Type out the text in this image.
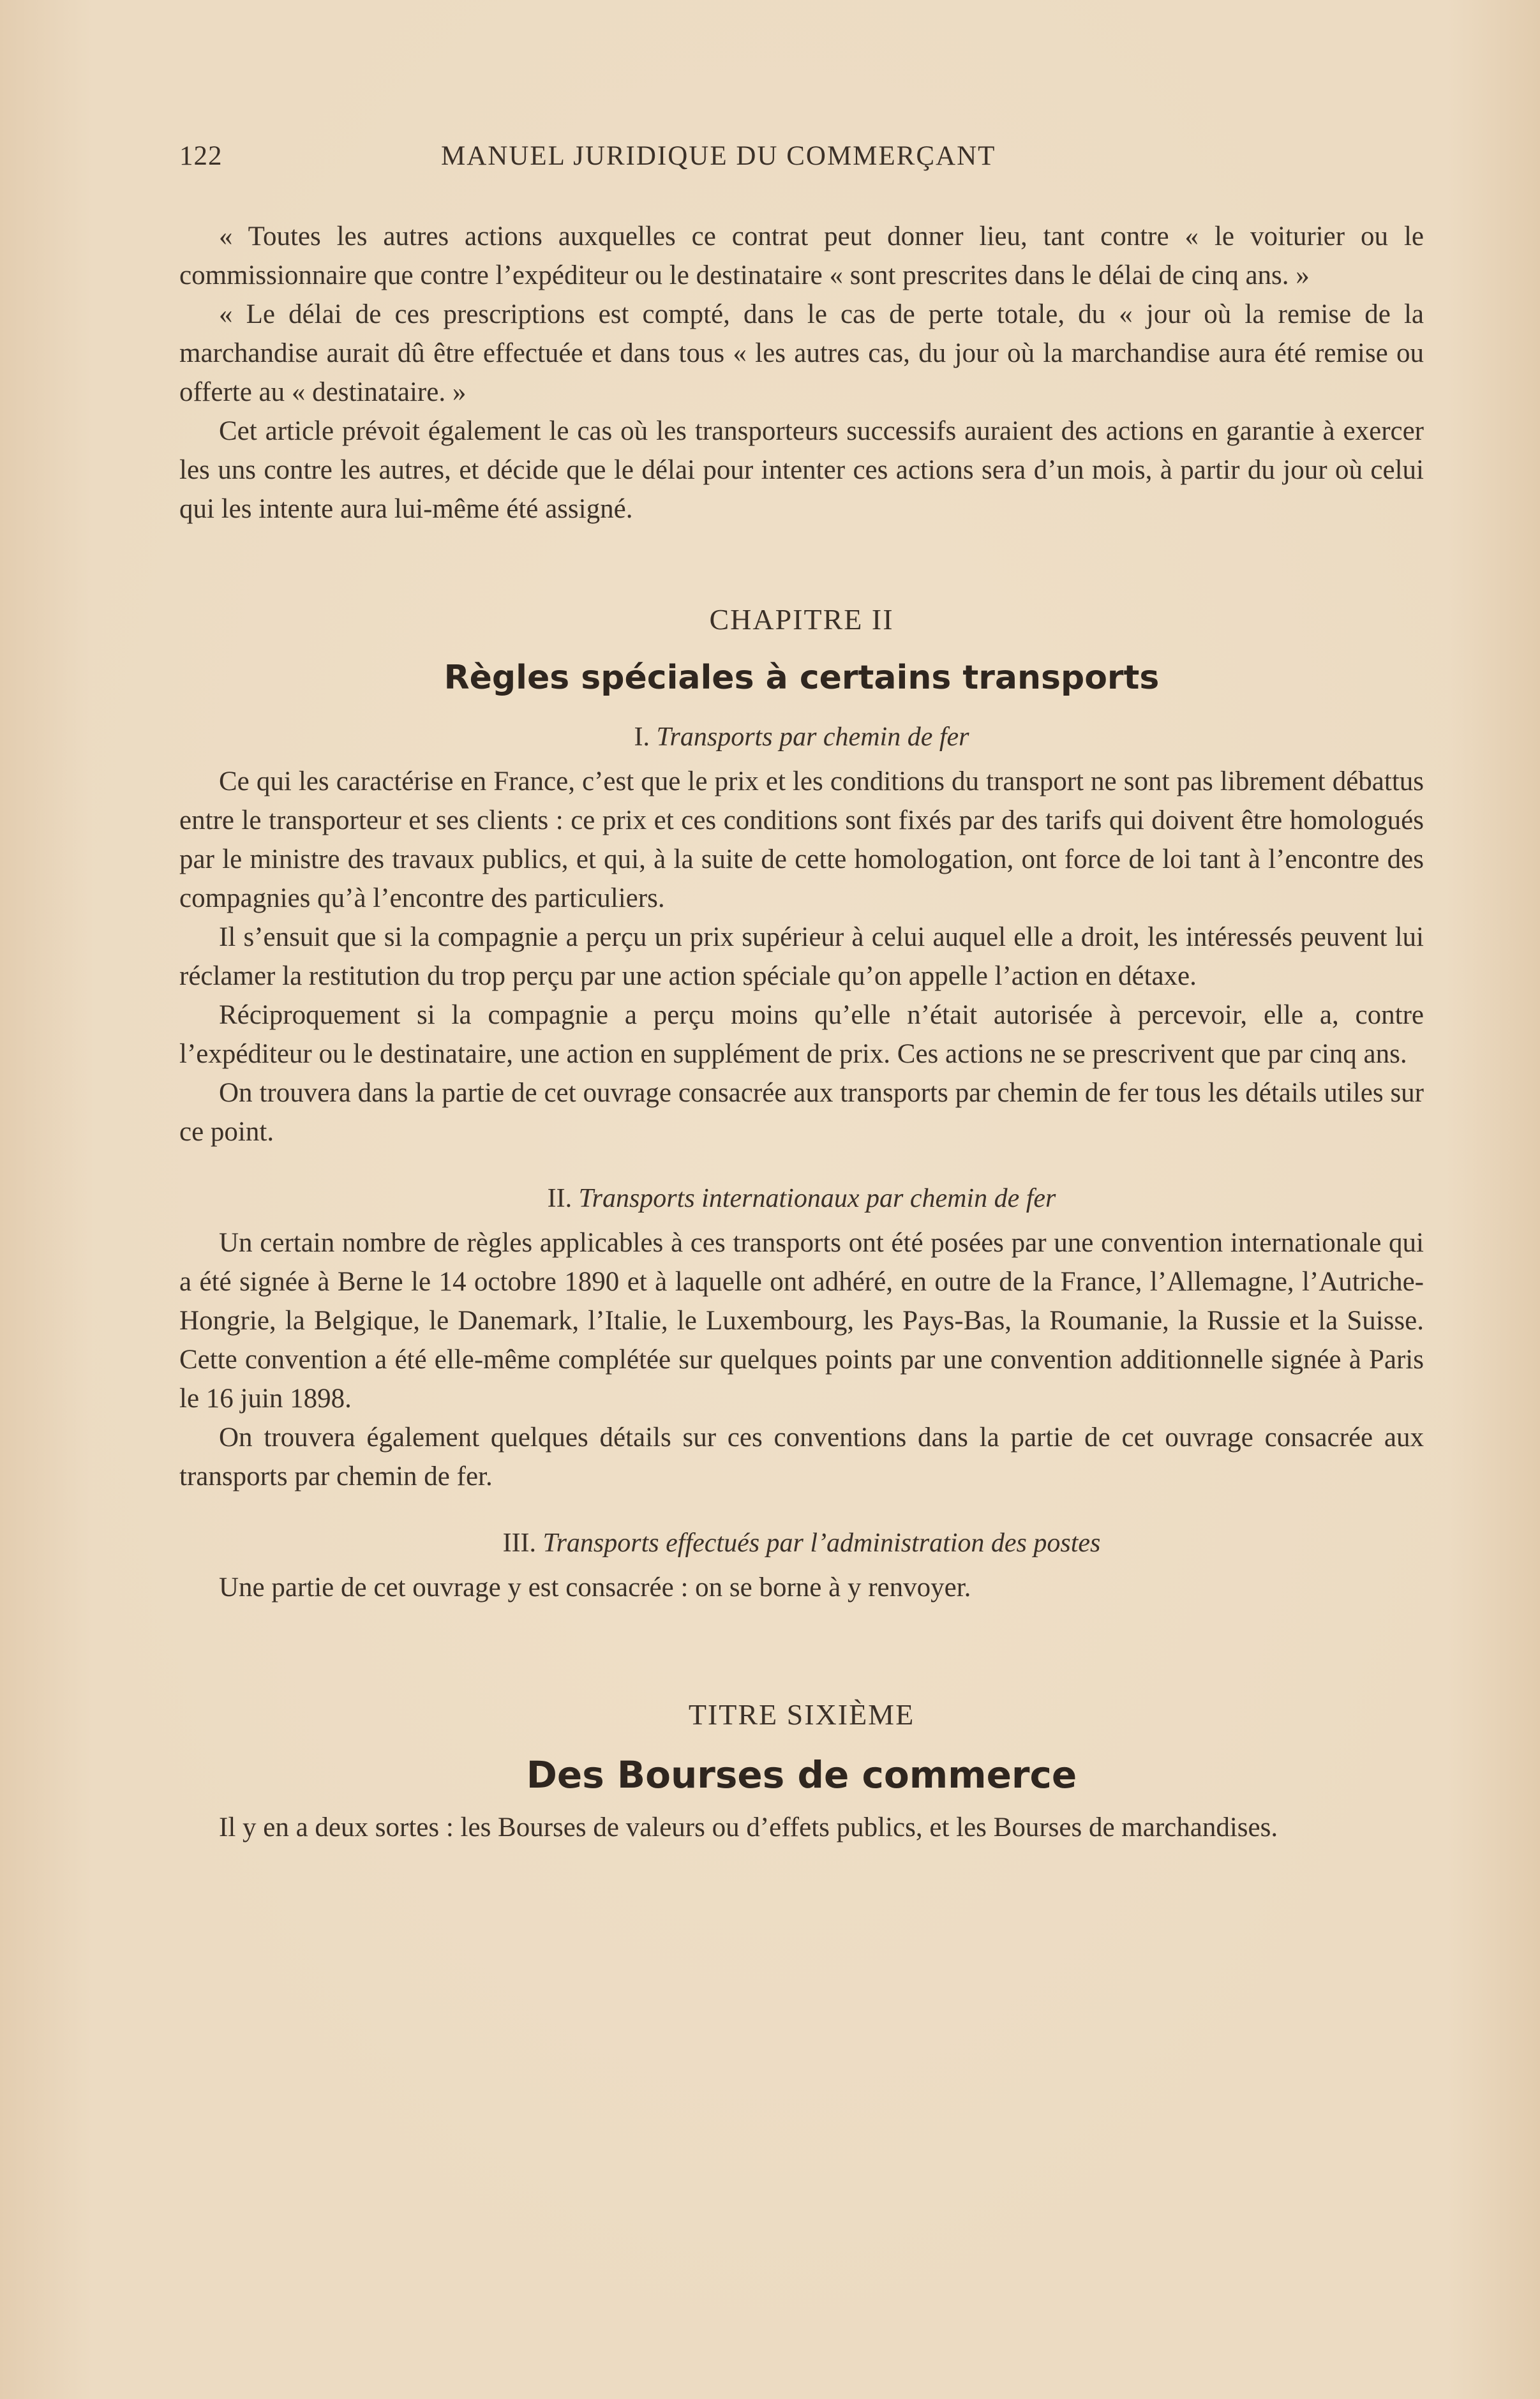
122	MANUEL JURIDIQUE DU COMMERÇANT

« Toutes les autres actions auxquelles ce contrat peut donner lieu, tant contre « le voiturier ou le commissionnaire que contre l’expéditeur ou le destinataire « sont prescrites dans le délai de cinq ans. »

« Le délai de ces prescriptions est compté, dans le cas de perte totale, du « jour où la remise de la marchandise aurait dû être effectuée et dans tous « les autres cas, du jour où la marchandise aura été remise ou offerte au « destinataire. »

Cet article prévoit également le cas où les transporteurs successifs auraient des actions en garantie à exercer les uns contre les autres, et décide que le délai pour intenter ces actions sera d’un mois, à partir du jour où celui qui les intente aura lui-même été assigné.

CHAPITRE II
Règles spéciales à certains transports
I. Transports par chemin de fer

Ce qui les caractérise en France, c’est que le prix et les conditions du transport ne sont pas librement débattus entre le transporteur et ses clients : ce prix et ces conditions sont fixés par des tarifs qui doivent être homologués par le ministre des travaux publics, et qui, à la suite de cette homologation, ont force de loi tant à l’encontre des compagnies qu’à l’encontre des particuliers.

Il s’ensuit que si la compagnie a perçu un prix supérieur à celui auquel elle a droit, les intéressés peuvent lui réclamer la restitution du trop perçu par une action spéciale qu’on appelle l’action en détaxe.

Réciproquement si la compagnie a perçu moins qu’elle n’était autorisée à percevoir, elle a, contre l’expéditeur ou le destinataire, une action en supplément de prix. Ces actions ne se prescrivent que par cinq ans.

On trouvera dans la partie de cet ouvrage consacrée aux transports par chemin de fer tous les détails utiles sur ce point.

II. Transports internationaux par chemin de fer

Un certain nombre de règles applicables à ces transports ont été posées par une convention internationale qui a été signée à Berne le 14 octobre 1890 et à laquelle ont adhéré, en outre de la France, l’Allemagne, l’Autriche-Hongrie, la Belgique, le Danemark, l’Italie, le Luxembourg, les Pays-Bas, la Roumanie, la Russie et la Suisse. Cette convention a été elle-même complétée sur quelques points par une convention additionnelle signée à Paris le 16 juin 1898.

On trouvera également quelques détails sur ces conventions dans la partie de cet ouvrage consacrée aux transports par chemin de fer.

III. Transports effectués par l’administration des postes

Une partie de cet ouvrage y est consacrée : on se borne à y renvoyer.

TITRE SIXIÈME
Des Bourses de commerce

Il y en a deux sortes : les Bourses de valeurs ou d’effets publics, et les Bourses de marchandises.
